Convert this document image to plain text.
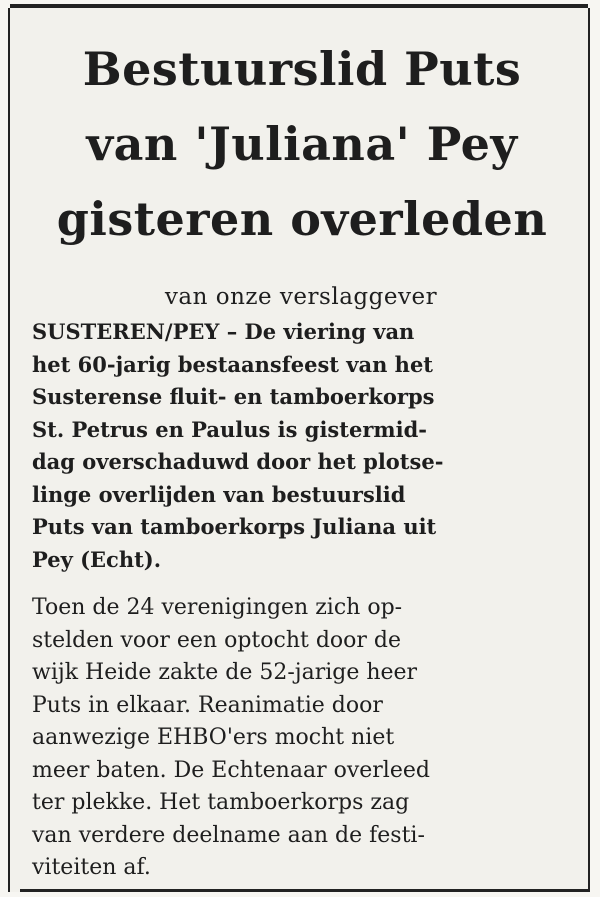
Bestuurslid Puts
van 'Juliana' Pey
gisteren overleden
van onze verslaggever
SUSTEREN/PEY – De viering van
het 60-jarig bestaansfeest van het
Susterense fluit- en tamboerkorps
St. Petrus en Paulus is gistermid-
dag overschaduwd door het plotse-
linge overlijden van bestuurslid
Puts van tamboerkorps Juliana uit
Pey (Echt).
Toen de 24 verenigingen zich op-
stelden voor een optocht door de
wijk Heide zakte de 52-jarige heer
Puts in elkaar. Reanimatie door
aanwezige EHBO'ers mocht niet
meer baten. De Echtenaar overleed
ter plekke. Het tamboerkorps zag
van verdere deelname aan de festi-
viteiten af.
